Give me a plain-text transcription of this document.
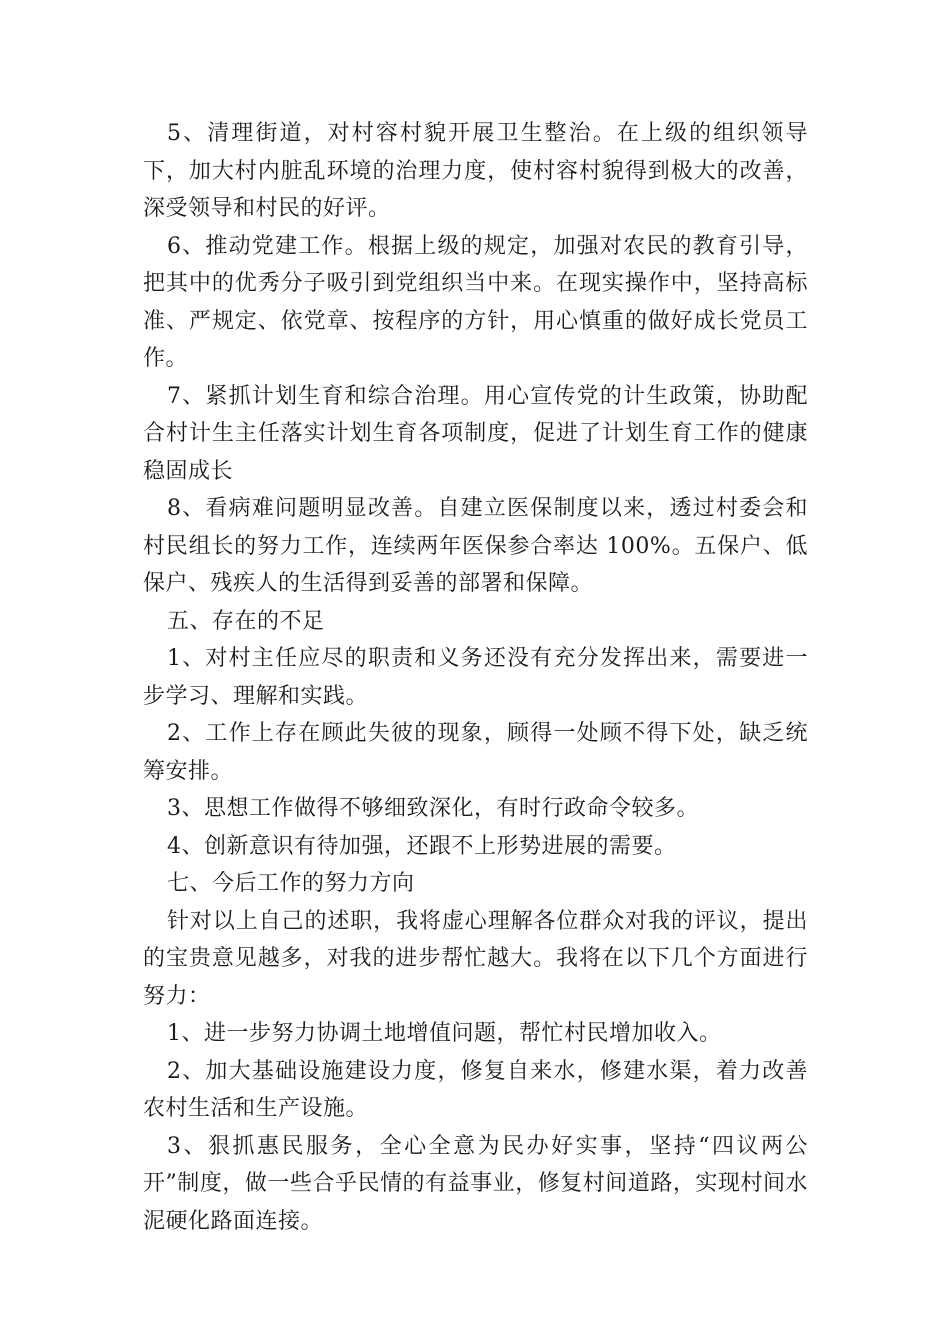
5、清理街道，对村容村貌开展卫生整治。在上级的组织领导下，加大村内脏乱环境的治理力度，使村容村貌得到极大的改善，深受领导和村民的好评。

6、推动党建工作。根据上级的规定，加强对农民的教育引导，把其中的优秀分子吸引到党组织当中来。在现实操作中，坚持高标准、严规定、依党章、按程序的方针，用心慎重的做好成长党员工作。

7、紧抓计划生育和综合治理。用心宣传党的计生政策，协助配合村计生主任落实计划生育各项制度，促进了计划生育工作的健康稳固成长

8、看病难问题明显改善。自建立医保制度以来，透过村委会和村民组长的努力工作，连续两年医保参合率达 100%。五保户、低保户、残疾人的生活得到妥善的部署和保障。

五、存在的不足

1、对村主任应尽的职责和义务还没有充分发挥出来，需要进一步学习、理解和实践。

2、工作上存在顾此失彼的现象，顾得一处顾不得下处，缺乏统筹安排。

3、思想工作做得不够细致深化，有时行政命令较多。

4、创新意识有待加强，还跟不上形势进展的需要。

七、今后工作的努力方向

针对以上自己的述职，我将虚心理解各位群众对我的评议，提出的宝贵意见越多，对我的进步帮忙越大。我将在以下几个方面进行努力：

1、进一步努力协调土地增值问题，帮忙村民增加收入。

2、加大基础设施建设力度，修复自来水，修建水渠，着力改善农村生活和生产设施。

3、狠抓惠民服务，全心全意为民办好实事，坚持“四议两公开”制度，做一些合乎民情的有益事业，修复村间道路，实现村间水泥硬化路面连接。
